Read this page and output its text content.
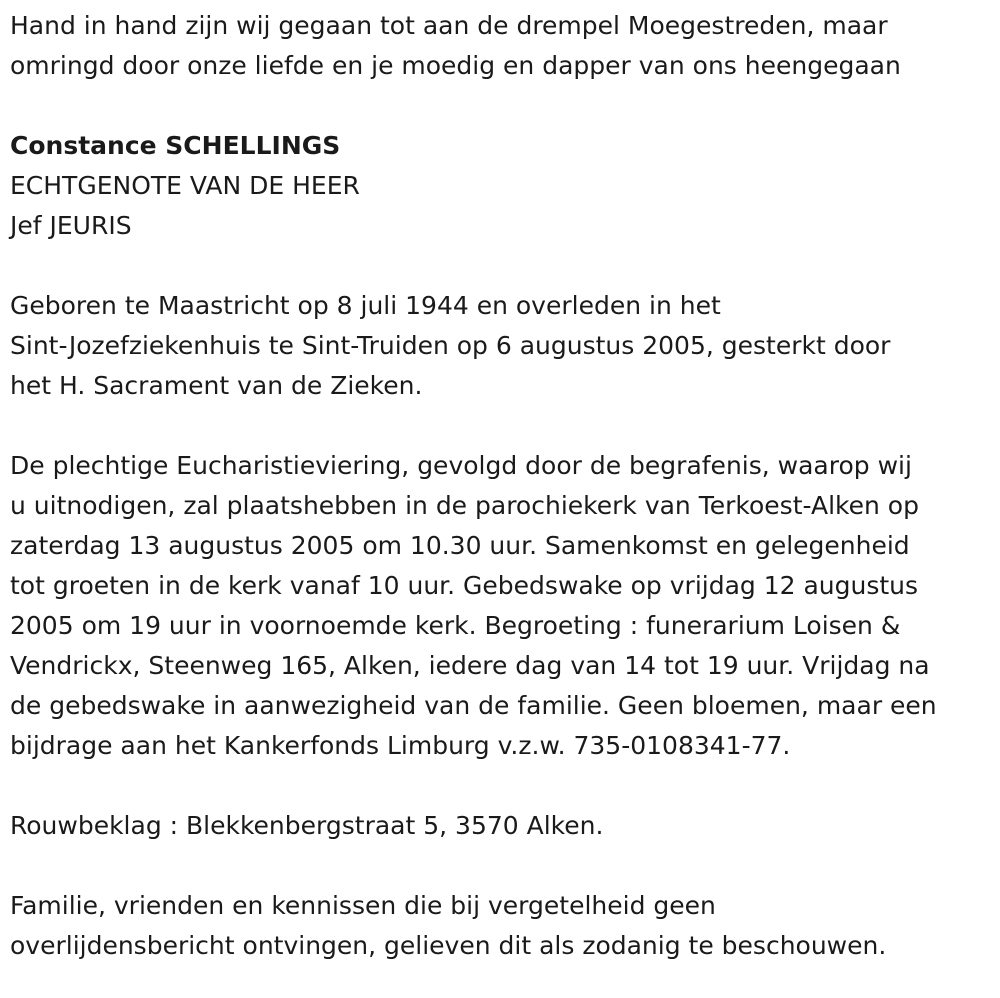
Hand in hand zijn wij gegaan tot aan de drempel Moegestreden, maar

omringd door onze liefde en je moedig en dapper van ons heengegaan

Constance SCHELLINGS

ECHTGENOTE VAN DE HEER

Jef JEURIS

Geboren te Maastricht op 8 juli 1944 en overleden in het

Sint-Jozefziekenhuis te Sint-Truiden op 6 augustus 2005, gesterkt door

het H. Sacrament van de Zieken.

De plechtige Eucharistieviering, gevolgd door de begrafenis, waarop wij

u uitnodigen, zal plaatshebben in de parochiekerk van Terkoest-Alken op

zaterdag 13 augustus 2005 om 10.30 uur. Samenkomst en gelegenheid

tot groeten in de kerk vanaf 10 uur. Gebedswake op vrijdag 12 augustus

2005 om 19 uur in voornoemde kerk. Begroeting : funerarium Loisen &

Vendrickx, Steenweg 165, Alken, iedere dag van 14 tot 19 uur. Vrijdag na

de gebedswake in aanwezigheid van de familie. Geen bloemen, maar een

bijdrage aan het Kankerfonds Limburg v.z.w. 735-0108341-77.

Rouwbeklag : Blekkenbergstraat 5, 3570 Alken.

Familie, vrienden en kennissen die bij vergetelheid geen

overlijdensbericht ontvingen, gelieven dit als zodanig te beschouwen.
